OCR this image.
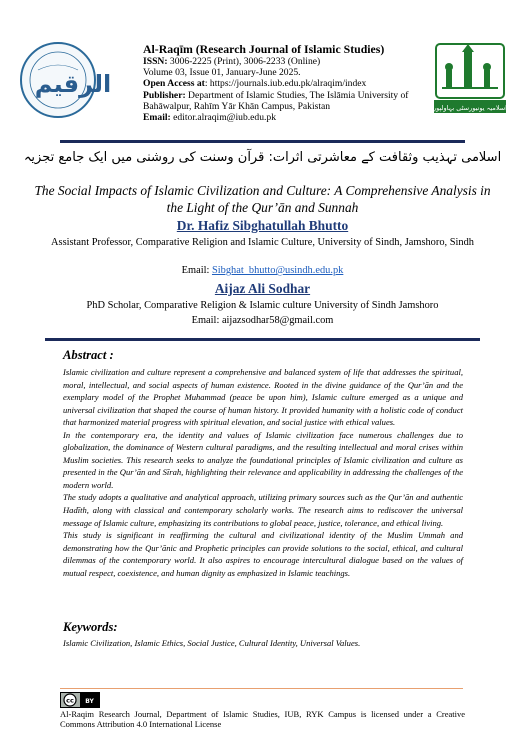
الرقيم
Al-Raqīm (Research Journal of Islamic Studies)
ISSN: 3006-2225 (Print), 3006-2233 (Online)
Volume 03, Issue 01, January-June 2025.
Open Access at: https://journals.iub.edu.pk/alraqim/index
Publisher: Department of Islamic Studies, The Islāmia University of Bahāwalpur, Rahīm Yār Khān Campus, Pakistan
Email: editor.alraqim@iub.edu.pk
اسلامیہ یونیورسٹی بہاولپور
اسلامی تہذیب وثقافت کے معاشرتی اثرات: قرآن وسنت کی روشنی میں ایک جامع تجزیہ
The Social Impacts of Islamic Civilization and Culture: A Comprehensive Analysis in the Light of the Qur’ān and Sunnah
Dr. Hafiz Sibghatullah Bhutto
Assistant Professor, Comparative Religion and Islamic Culture, University of Sindh, Jamshoro, Sindh
Email: Sibghat_bhutto@usindh.edu.pk
Aijaz Ali Sodhar
PhD Scholar, Comparative Religion & Islamic culture University of Sindh Jamshoro
Email: aijazsodhar58@gmail.com
Abstract :

Islamic civilization and culture represent a comprehensive and balanced system of life that addresses the spiritual, moral, intellectual, and social aspects of human existence. Rooted in the divine guidance of the Qur’ān and the exemplary model of the Prophet Muhammad (peace be upon him), Islamic culture emerged as a unique and universal civilization that shaped the course of human history. It provided humanity with a holistic code of conduct that harmonized material progress with spiritual elevation, and social justice with ethical values.

In the contemporary era, the identity and values of Islamic civilization face numerous challenges due to globalization, the dominance of Western cultural paradigms, and the resulting intellectual and moral crises within Muslim societies. This research seeks to analyze the foundational principles of Islamic civilization and culture as presented in the Qur’ān and Sīrah, highlighting their relevance and applicability in addressing the challenges of the modern world.

The study adopts a qualitative and analytical approach, utilizing primary sources such as the Qur’ān and authentic Hadīth, along with classical and contemporary scholarly works. The research aims to rediscover the universal message of Islamic culture, emphasizing its contributions to global peace, justice, tolerance, and ethical living.

This study is significant in reaffirming the cultural and civilizational identity of the Muslim Ummah and demonstrating how the Qur’ānic and Prophetic principles can provide solutions to the social, ethical, and cultural dilemmas of the contemporary world. It also aspires to encourage intercultural dialogue based on the values of mutual respect, coexistence, and human dignity as emphasized in Islamic teachings.

Keywords:
Islamic Civilization, Islamic Ethics, Social Justice, Cultural Identity, Universal Values.
cc BY
Al-Raqim Research Journal, Department of Islamic Studies, IUB, RYK Campus is licensed under a Creative Commons Attribution 4.0 International License
